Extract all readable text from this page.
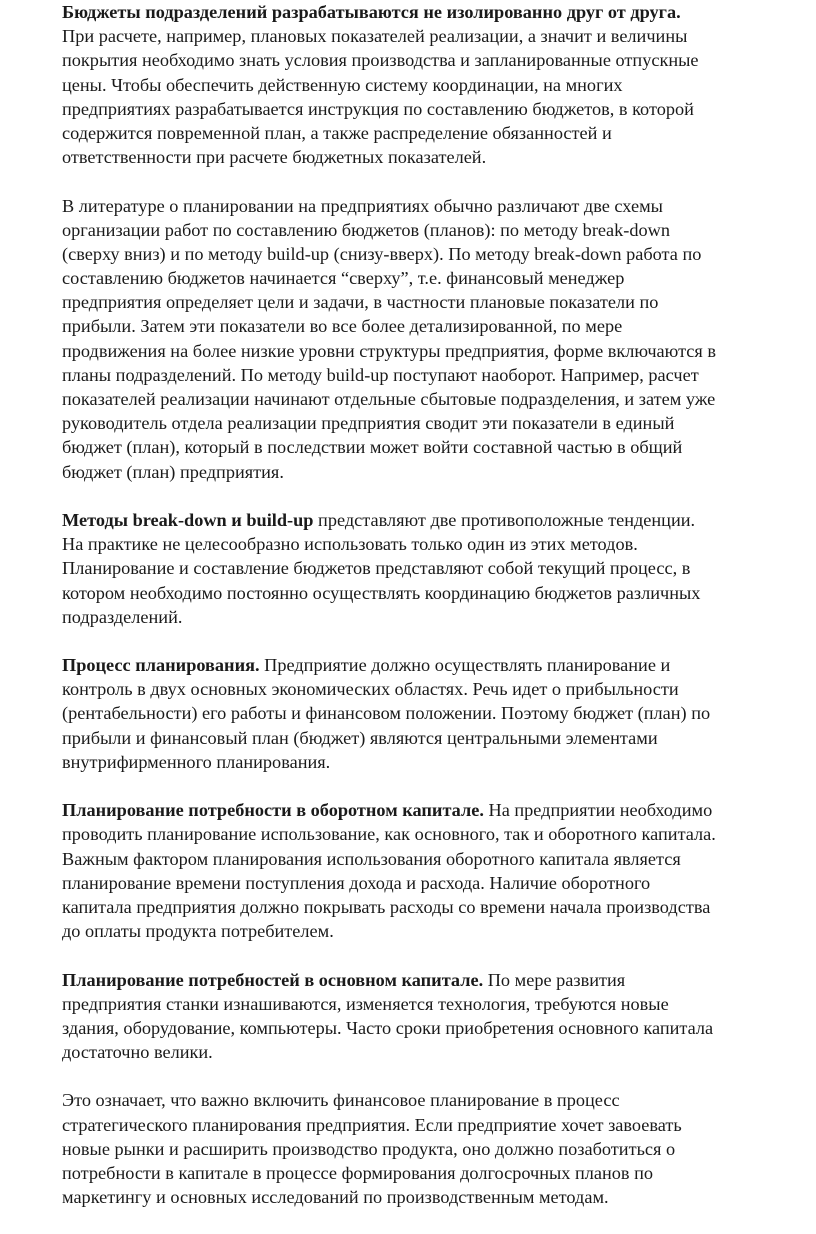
Бюджеты подразделений разрабатываются не изолированно друг от друга.
При расчете, например, плановых показателей реализации, а значит и величины
покрытия необходимо знать условия производства и запланированные отпускные
цены. Чтобы обеспечить действенную систему координации, на многих
предприятиях разрабатывается инструкция по составлению бюджетов, в которой
содержится повременной план, а также распределение обязанностей и
ответственности при расчете бюджетных показателей.
В литературе о планировании на предприятиях обычно различают две схемы
организации работ по составлению бюджетов (планов): по методу break-down
(сверху вниз) и по методу build-up (снизу-вверх). По методу break-down работа по
составлению бюджетов начинается “сверху”, т.е. финансовый менеджер
предприятия определяет цели и задачи, в частности плановые показатели по
прибыли. Затем эти показатели во все более детализированной, по мере
продвижения на более низкие уровни структуры предприятия, форме включаются в
планы подразделений. По методу build-up поступают наоборот. Например, расчет
показателей реализации начинают отдельные сбытовые подразделения, и затем уже
руководитель отдела реализации предприятия сводит эти показатели в единый
бюджет (план), который в последствии может войти составной частью в общий
бюджет (план) предприятия.
Методы break-down и build-up представляют две противоположные тенденции.
На практике не целесообразно использовать только один из этих методов.
Планирование и составление бюджетов представляют собой текущий процесс, в
котором необходимо постоянно осуществлять координацию бюджетов различных
подразделений.
Процесс планирования. Предприятие должно осуществлять планирование и
контроль в двух основных экономических областях. Речь идет о прибыльности
(рентабельности) его работы и финансовом положении. Поэтому бюджет (план) по
прибыли и финансовый план (бюджет) являются центральными элементами
внутрифирменного планирования.
Планирование потребности в оборотном капитале. На предприятии необходимо
проводить планирование использование, как основного, так и оборотного капитала.
Важным фактором планирования использования оборотного капитала является
планирование времени поступления дохода и расхода. Наличие оборотного
капитала предприятия должно покрывать расходы со времени начала производства
до оплаты продукта потребителем.
Планирование потребностей в основном капитале. По мере развития
предприятия станки изнашиваются, изменяется технология, требуются новые
здания, оборудование, компьютеры. Часто сроки приобретения основного капитала
достаточно велики.
Это означает, что важно включить финансовое планирование в процесс
стратегического планирования предприятия. Если предприятие хочет завоевать
новые рынки и расширить производство продукта, оно должно позаботиться о
потребности в капитале в процессе формирования долгосрочных планов по
маркетингу и основных исследований по производственным методам.
